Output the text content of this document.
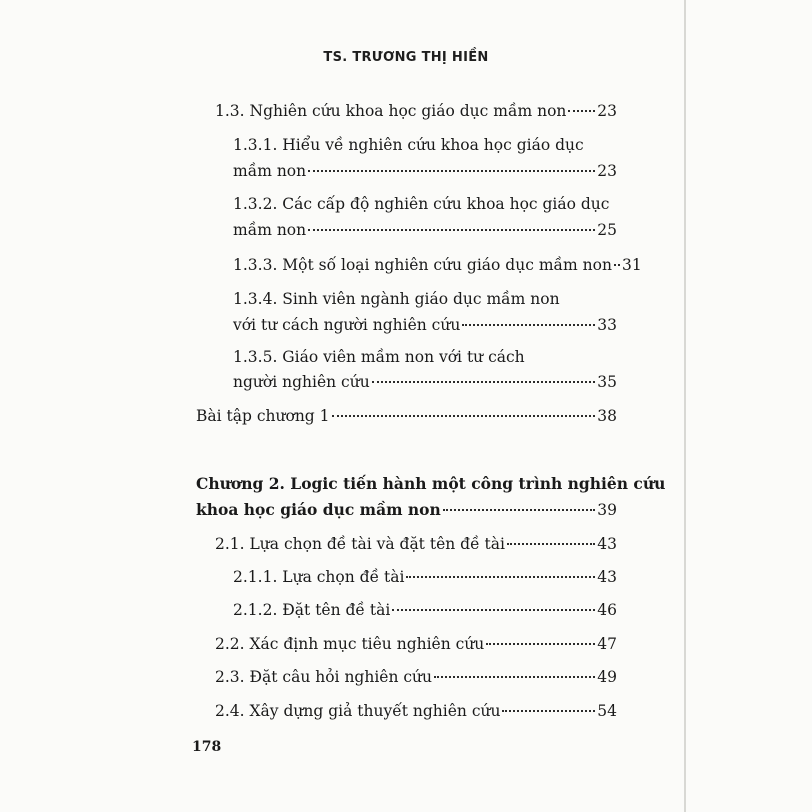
TS. TRƯƠNG THỊ HIỀN
1.3. Nghiên cứu khoa học giáo dục mầm non 23
1.3.1. Hiểu về nghiên cứu khoa học giáo dục
mầm non	23
1.3.2. Các cấp độ nghiên cứu khoa học giáo dục
mầm non	25
1.3.3. Một số loại nghiên cứu giáo dục mầm non 31
1.3.4. Sinh viên ngành giáo dục mầm non
với tư cách người nghiên cứu	33
1.3.5. Giáo viên mầm non với tư cách
người nghiên cứu	35
Bài tập chương 1	38
Chương 2. Logic tiến hành một công trình nghiên cứu
khoa học giáo dục mầm non	39
2.1. Lựa chọn đề tài và đặt tên đề tài	43
2.1.1. Lựa chọn đề tài	43
2.1.2. Đặt tên đề tài	46
2.2. Xác định mục tiêu nghiên cứu	47
2.3. Đặt câu hỏi nghiên cứu	49
2.4. Xây dựng giả thuyết nghiên cứu	54
178
